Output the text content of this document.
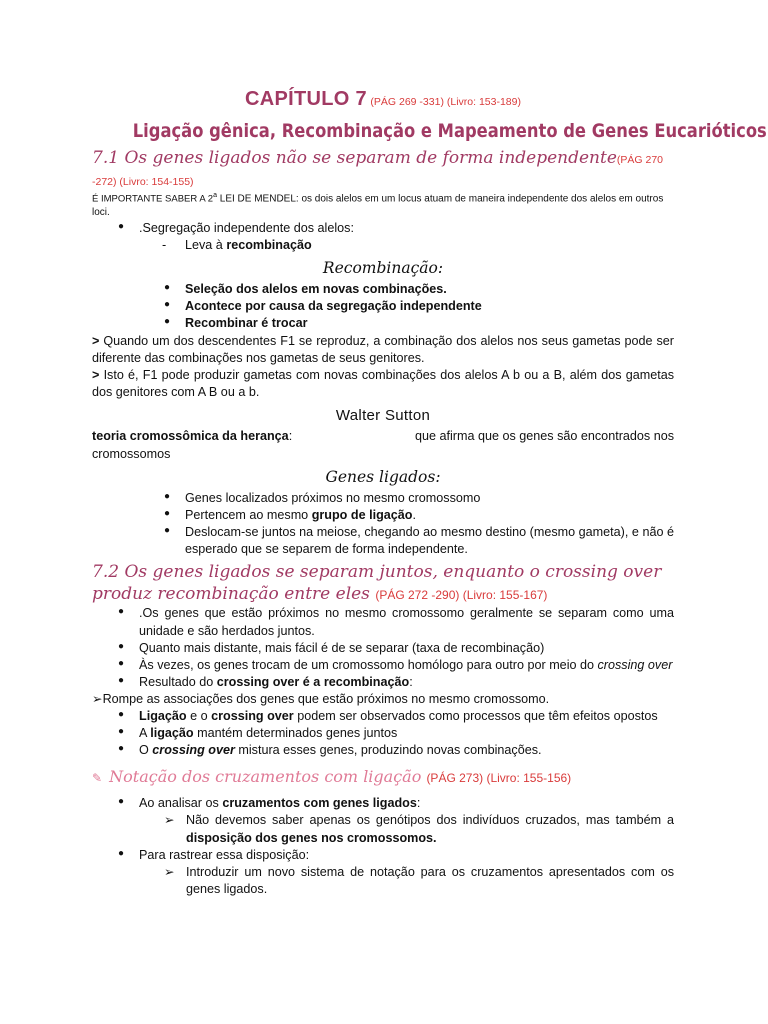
CAPÍTULO 7 (PÁG 269 -331) (Livro: 153-189)
Ligação gênica, Recombinação e Mapeamento de Genes Eucarióticos
7.1 Os genes ligados não se separam de forma independente(PÁG 270 -272) (Livro: 154-155)
É IMPORTANTE SABER A 2$^a$ LEI DE MENDEL: os dois alelos em um locus atuam de maneira independente dos alelos em outros loci.
● .Segregação independente dos alelos:
- Leva à recombinação
Recombinação:
● Seleção dos alelos em novas combinações.
● Acontece por causa da segregação independente
● Recombinar é trocar
> Quando um dos descendentes F1 se reproduz, a combinação dos alelos nos seus gametas pode ser diferente das combinações nos gametas de seus genitores.
> Isto é, F1 pode produzir gametas com novas combinações dos alelos A b ou a B, além dos gametas dos genitores com A B ou a b.
Walter Sutton
teoria cromossômica da herança:	que afirma que os genes são encontrados nos
cromossomos
Genes ligados:
● Genes localizados próximos no mesmo cromossomo
● Pertencem ao mesmo grupo de ligação.
● Deslocam-se juntos na meiose, chegando ao mesmo destino (mesmo gameta), e não é esperado que se separem de forma independente.
7.2 Os genes ligados se separam juntos, enquanto o crossing over produz recombinação entre eles (PÁG 272 -290) (Livro: 155-167)
● .Os genes que estão próximos no mesmo cromossomo geralmente se separam como uma unidade e são herdados juntos.
● Quanto mais distante, mais fácil é de se separar (taxa de recombinação)
● Às vezes, os genes trocam de um cromossomo homólogo para outro por meio do crossing over
● Resultado do crossing over é a recombinação:
➢ Rompe as associações dos genes que estão próximos no mesmo cromossomo.
● Ligação e o crossing over podem ser observados como processos que têm efeitos opostos
● A ligação mantém determinados genes juntos
● O crossing over mistura esses genes, produzindo novas combinações.
✎ Notação dos cruzamentos com ligação (PÁG 273) (Livro: 155-156)
● Ao analisar os cruzamentos com genes ligados:
➢ Não devemos saber apenas os genótipos dos indivíduos cruzados, mas também a disposição dos genes nos cromossomos.
● Para rastrear essa disposição:
➢ Introduzir um novo sistema de notação para os cruzamentos apresentados com os genes ligados.
